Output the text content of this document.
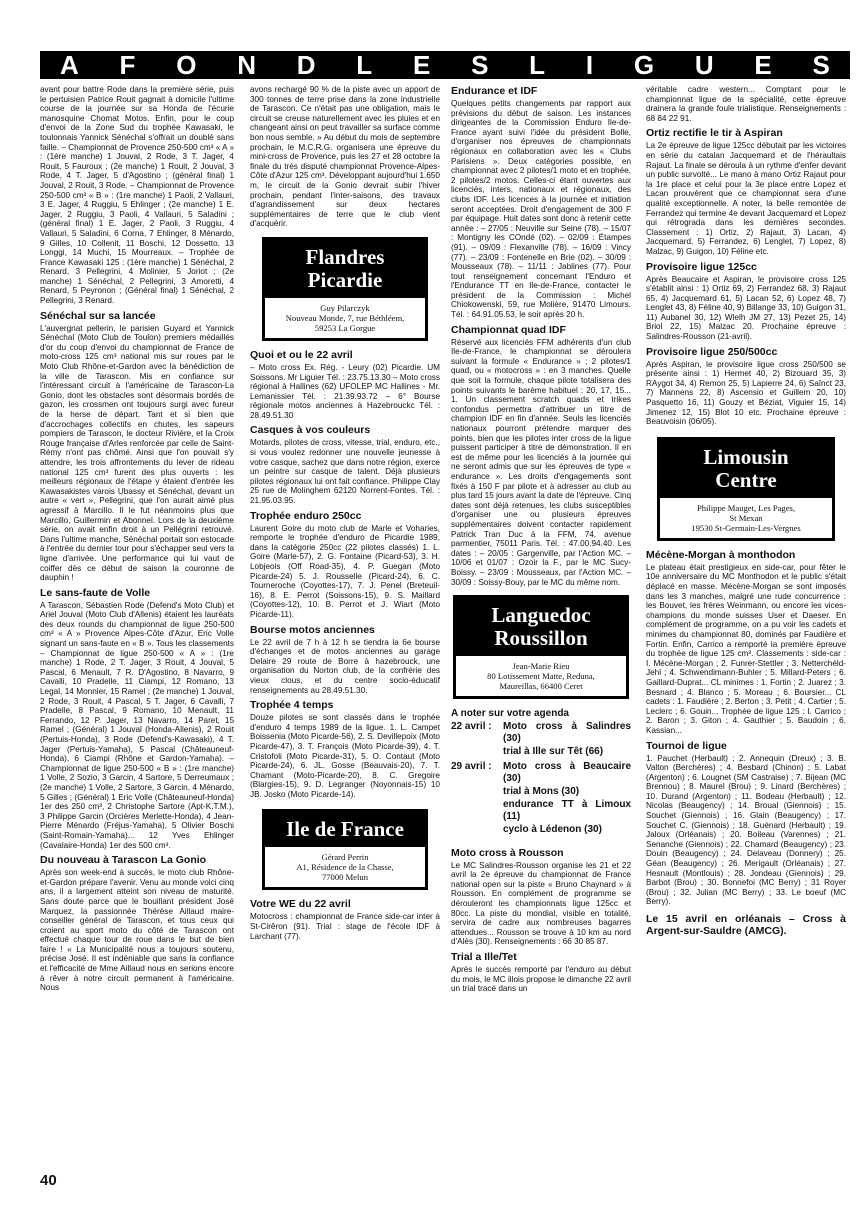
A F O N D L E S L I G U E S

avant pour battre Rode dans la première série, puis le pertuisien Patrice Rouit gagnait à domicile l'ultime course de la journée sur sa Honda de l'écurie manosquine Chomat Motos. Enfin, pour le coup d'envoi de la Zone Sud du trophée Kawasaki, le toulonnais Yannick Sénéchal s'offrait un doublé sans faille. – Championnat de Provence 250-500 cm³ « A » : (1ère manche) 1 Jouval, 2 Rode, 3 T. Jager, 4 Rouit, 5 Fauroux ; (2e manche) 1 Rouit, 2 Jouval, 3 Rode, 4 T. Jager, 5 d'Agostino ; (général final) 1 Jouval, 2 Rouit, 3 Rode. – Championnat de Provence 250-500 cm³ « B » : (1re manche) 1 Paoli, 2 Vallauri, 3 E. Jager, 4 Ruggiu, 5 Ehlinger ; (2e manche) 1 E. Jager, 2 Ruggiu, 3 Paoli, 4 Vallauri, 5 Saladini ; (général final) 1 E. Jager, 2 Paoli, 3 Ruggiu, 4 Vallauri, 5 Saladini, 6 Corna, 7 Ehlinger, 8 Ménardo, 9 Gilles, 10 Collenit, 11 Boschi, 12 Dossetto, 13 Longgi, 14 Muchi, 15 Mourreaux. – Trophée de France Kawasaki 125 : (1ère manche) 1 Sénéchal, 2 Renard, 3 Pellegrini, 4 Molinier, 5 Joriot ; (2e manche) 1 Sénéchal, 2 Pellegrini, 3 Amoretti, 4 Renard, 5 Peyronon ; (Général final) 1 Sénéchal, 2 Pellegrini, 3 Renard.

Sénéchal sur sa lancée

L'auvergnat pellerin, le parisien Guyard et Yannick Sénéchal (Moto Club de Toulon) premiers médaillés d'or du coup d'envoi du championnat de France de moto-cross 125 cm³ national mis sur roues par le Moto Club Rhône-et-Gardon avec la bénédiction de la ville de Tarascon. Mis en confiance sur l'intéressant circuit à l'américaine de Tarascon-La Gonio, dont les obstacles sont désormais bordés de gazon, les crossmen ont toujours surgi avec fureur de la herse de départ. Tant et si bien que d'accrochages collectifs en chutes, les sapeurs pompiers de Tarascon, le docteur Rivière, et la Croix Rouge française d'Arles renforcée par celle de Saint-Rémy n'ont pas chômé. Ainsi que l'on pouvait s'y attendre, les trois affrontements du lever de rideau national 125 cm³ furent des plus ouverts : les meilleurs régionaux de l'étape y étaient d'entrée les Kawasakistes varois Ubassy et Sénéchal, devant un autre « vert », Pellegrini, que l'on aurait aimé plus agressif à Marcillo. Il le fut néanmoins plus que Marcillo, Guillermin et Abonnel. Lors de la deuxième série, on avait enfin droit à un Pellégrini retrouvé. Dans l'ultime manche, Sénéchal portait son estocade à l'entrée du dernier tour pour s'échapper seul vers la ligne d'arrivée. Une performance qui lui vaut de coiffer dès ce début de saison la couronne de dauphin !

Le sans-faute de Volle

A Tarascon, Sébastien Rode (Defend's Moto Club) et Ariel Jouval (Moto Club d'Allenis) étaient les lauréats des deux rounds du championnat de ligue 250-500 cm³ « A » Provence Alpes-Côte d'Azur, Eric Volle signant un sans-faute en « B ». Tous les classements – Championnat de ligue 250-500 « A » : (1re manche) 1 Rode, 2 T. Jager, 3 Rouit, 4 Jouval, 5 Pascal, 6 Menault, 7 R. D'Agostino, 8 Navarro, 9 Cavalli, 10 Pradelle, 11 Ciampi, 12 Romano, 13 Legal, 14 Monnier, 15 Ramel ; (2e manche) 1 Jouval, 2 Rode, 3 Rouit, 4 Pascal, 5 T. Jager, 6 Cavalli, 7 Pradelle, 8 Pascal, 9 Romano, 10 Menault, 11 Ferrando, 12 P. Jager, 13 Navarro, 14 Paret, 15 Ramel ; (Général) 1 Jouval (Honda-Allenis), 2 Rouit (Pertuis-Honda), 3 Rode (Defend's-Kawasaki), 4 T. Jager (Pertuis-Yamaha), 5 Pascal (Châteauneuf-Honda), 6 Ciampi (Rhône et Gardon-Yamaha). – Championnat de ligue 250-500 « B » : (1re manche) 1 Volle, 2 Sozio, 3 Garcin, 4 Sartore, 5 Derreumaux ; (2e manche) 1 Volle, 2 Sartore, 3 Garcin, 4 Ménardo, 5 Gilles ; (Général) 1 Eric Volle (Châteauneuf-Honda) 1er des 250 cm³, 2 Christophe Sartore (Apt-K.T.M.), 3 Philippe Garcin (Orcières Merlette-Honda), 4 Jean-Pierre Ménardo (Fréjus-Yamaha), 5 Olivier Boschi (Saint-Romain-Yamaha)... 12 Yves Ehlinger (Cavalaire-Honda) 1er des 500 cm³.

Du nouveau à Tarascon La Gonio

Après son week-end à succès, le moto club Rhône-et-Gardon prépare l'avenir. Venu au monde voici cinq ans, il a largement atteint son niveau de maturité. Sans doute parce que le bouillant président José Marquez, la passionnée Thérèse Aillaud maire-conseiller général de Tarascon, et tous ceux qui croient au sport moto du côté de Tarascon ont effectué chaque tour de roue dans le but de bien faire ! « La Municipalité nous a toujours soutenu, précise José. Il est indéniable que sans la confiance et l'efficacité de Mme Aillaud nous en serions encore à rêver à notre circuit permanent à l'américaine. Nous

avons rechargé 90 % de la piste avec un apport de 300 tonnes de terre prise dans la zone industrielle de Tarascon. Ce n'était pas une obligation, mais le circuit se creuse naturellement avec les pluies et en changeant ainsi on peut travailler sa surface comme bon nous semble. » Au début du mois de septembre prochain, le M.C.R.G. organisera une épreuve du mini-cross de Provence, puis les 27 et 28 octobre la finale du très disputé championnat Provence-Alpes-Côte d'Azur 125 cm³. Développant aujourd'hui 1.650 m, le circuit de la Gonio devrait subir l'hiver prochain, pendant l'inter-saisons, des travaux d'agrandissement sur deux hectares supplémentaires de terre que le club vient d'acquérir.

Flandres
Picardie
Guy Pilarczyk
Nouveau Monde, 7, rue Béthléem,
59253 La Gorgue
Quoi et ou le 22 avril

– Moto cross Ex. Rég. - Leury (02) Picardie. UM Soissons. Mr Liguier Tél. : 23.75.13.30 – Moto cross régional à Hallines (62) UFOLEP MC Hallines - Mr. Lemanissier Tél. : 21.39.93.72 – 6° Bourse régionale motos anciennes à Hazebrouckc Tél. : 28.49.51.30

Casques à vos couleurs

Motards, pilotes de cross, vitesse, trial, enduro, etc., si vous voulez redonner une nouvelle jeunesse à votre casque, sachez que dans notre région, exerce un peintre sur casque de talent. Déjà plusieurs pilotes régionaux lui ont fait confiance. Philippe Clay 25 rue de Molinghem 62120 Norrent-Fontes. Tél. : 21.95.03.95.

Trophée enduro 250cc

Laurent Goire du moto club de Marle et Voharies, remporte le trophée d'enduro de Picardie 1989, dans la catégorie 250cc (22 pilotes classés) 1. L. Goire (Marle-57), 2. G. Fontaine (Picard-53), 3. H. Lobjeois (Off Road-35), 4. P. Guegan (Moto Picarde-24) 5. J. Rousselle (Picard-24), 6. C. Tourneroche (Coyottes-17), 7. J. Penel (Breteuil-16), 8. E. Perrot (Soissons-15), 9. S. Maillard (Coyottes-12), 10. B. Perrot et J. Wiart (Moto Picarde-11).

Bourse motos anciennes

Le 22 avril de 7 h à 12 h se tiendra la 6e bourse d'échanges et de motos anciennes au garage Delaire 29 route de Borre à hazebrouck, une organisation du Norton club, de la confrérie des vieux clous, et du centre socio-éducatif renseignements au 28.49.51.30.

Trophée 4 temps

Douze pilotes se sont classés dans le trophée d'enduro 4 temps 1989 de la ligue. 1. L. Campet Boissenia (Moto Picarde-56), 2. S. Devillepoix (Moto Picarde-47), 3. T. François (Moto Picarde-39), 4. T. Cristofoli (Moto Picarde-31), 5. O. Contaut (Moto Picarde-24), 6. JL. Gosse (Beauvais-20), 7. T. Chamant (Moto-Picarde-20), 8. C. Gregoire (Blargies-15), 9. D. Legranger (Noyonnais-15) 10 JB. Josko (Moto Picarde-14).

Ile de France
Gérard Perrin
A1, Résidence de la Chasse,
77000 Melun
Votre WE du 22 avril

Motocross : championnat de France side-car inter à St-Cirêron (91). Trial : stage de l'école IDF à Larchant (77).

Endurance et IDF

Quelques petits changements par rapport aux prévisions du début de saison. Les instances dirigeantes de la Commission Enduro Ile-de-France ayant suivi l'idée du président Bolle, d'organiser nos épreuves de championnats régionaux en collaboration avec les « Clubs Parisiens ». Deux catégories possible, en championnat avec 2 pilotes/1 moto et en trophée, 2 pilotes/2 motos. Celles-ci étant ouvertes aux licenciés, inters, nationaux et régionaux, des clubs IDF. Les licences à la journée et initiation seront acceptées. Droit d'engagement de 300 F par équipage. Huit dates sont donc à retenir cette année : – 27/05 : Neuville sur Seine (78). – 15/07 : Montigny les COndé (02). – 02/09 : Étampes (91). – 09/09 : Flexanville (78). – 16/09 : Vincy (77). – 23/09 : Fontenelle en Brie (02). – 30/09 : Mousseaux (78). – 11/11 : Jablines (77). Pour tout renseignement concernant l'Enduro et l'Endurance TT en Ile-de-France, contacter le président de la Commission : Michel Chiokowenski, 59, rue Molière, 91470 Limours. Tél. : 64.91.05.53, le soir après 20 h.

Championnat quad IDF

Réservé aux licenciés FFM adhérents d'un club Ile-de-France, le championnat se déroulera suivant la formule « Endurance » ; 2 pilotes/1 quad, ou « motocross » : en 3 manches. Quelle que soit la formule, chaque pilote totalisera des points suivants le barème habituel : 20, 17, 15... 1. Un classement scratch quads et trikes confondus permettra d'attribuer un titre de champion IDF en fin d'année. Seuls les licenciés nationaux pourront prétendre marquer des points, bien que les pilotes inter cross de la ligue puissent participer à titre de démonstration. Il en est de même pour les licenciés à la journée qui ne seront admis que sur les épreuves de type « endurance ». Les droits d'engagements sont fixés à 150 F par pilote et à adresser au club au plus tard 15 jours avant la date de l'épreuve. Cinq dates sont déjà retenues, les clubs susceptibles d'organiser une ou plusieurs épreuves supplémentaires doivent contacter rapidement Patrick Tran Duc à la FFM, 74, avenue parmentier, 75011 Paris. Tél. : 47.00.94.40. Les dates : – 20/05 : Gargenville, par l'Action MC. – 10/06 et 01/07 : Ozoir la F., par le MC Sucy-Boissy. – 23/09 : Mousseaux, par l'Action MC. – 30/09 : Soissy-Bouy, par le MC du même nom.

Languedoc
Roussillon
Jean-Marie Rieu
80 Lotissement Matte, Reduna,
Maureillas, 66400 Ceret
A noter sur votre agenda
22 avril :	Moto cross à Salindres (30)
trial à Ille sur Têt (66)
29 avril :	Moto cross à Beaucaire (30)
trial à Mons (30)
endurance TT à Limoux (11)
cyclo à Lédenon (30)
Moto cross à Rousson

Le MC Salindres-Rousson organise les 21 et 22 avril la 2e épreuve du championnat de France national open sur la piste « Bruno Chaynard » à Rousson. En complément de programme se dérouleront les championnats ligue 125cc et 80cc. La piste du mondial, visible en totalité, servira de cadre aux nombreuses bagarres attendues... Rousson se trouve à 10 km au nord d'Alès (30). Renseignements : 66 30 85 87.

Trial a Ille/Tet

Après le succès remporté par l'enduro au début du mois, le MC illois propose le dimanche 22 avril un trial tracé dans un

véritable cadre western... Comptant pour le championnat ligue de la spécialité, cette épreuve drainera la grande foule trialistique. Renseignements : 68 84 22 91.

Ortiz rectifie le tir à Aspiran

La 2e épreuve de ligue 125cc débutait par les victoires en série du catalan Jacquemard et de l'héraultais Rajaut. La finale se déroula à un rythme d'enfer devant un public survolté... Le mano à mano Ortiz Rajaut pour la 1re place et celui pour la 3e place entre Lopez et Lacan prouvèrent que ce championnat sera d'une qualité exceptionnelle. A noter, la belle remontée de Ferrandez qui termine 4e devant Jacquemard et Lopez qui rétrograda dans les dernières secondes. Classement : 1) Ortiz, 2) Rajaut, 3) Lacan, 4) Jacquemard, 5) Ferrandez, 6) Lenglet, 7) Lopez, 8) Malzac, 9) Guigon, 10) Féline etc.

Provisoire ligue 125cc

Après Beaucaire et Aspiran, le provisoire cross 125 s'établit ainsi : 1) Ortiz 69, 2) Ferrandez 68, 3) Rajaut 65, 4) Jacquemard 61, 5) Lacan 52, 6) Lopez 48, 7) Lenglet 43, 8) Féline 40, 9) Billange 33, 10) Guigon 31, 11) Aubanel 30, 12) Wlelh JM 27, 13) Pezet 25, 14) Briol 22, 15) Malzac 20. Prochaine épreuve : Salindres-Rousson (21-avril).

Provisoire ligue 250/500cc

Après Aspiran, le provisoire ligue cross 250/500 se présente ainsi : 1) Hermet 40, 2) Bizouard 35, 3) RAygot 34, 4) Remon 25, 5) Lapierre 24, 6) Saînct 23, 7) Mannens 22, 8) Ascensio et Guillem 20, 10) Pasquetto 16, 11) Gouzy et Béziat, Viguier 15, 14) Jimenez 12, 15) Blot 10 etc. Prochaine épreuve : Beauvoisin (06/05).

Limousin
Centre
Philippe Mauget, Les Pages,
St Mexan
19530 St-Germain-Les-Vergnes
Mécène-Morgan à monthodon

Le plateau était prestigieux en side-car, pour fêter le 10e anniversaire du MC Monthodon et le public s'était déplacé en masse. Mécène-Morgan se sont imposés dans les 3 manches, malgré une rude concurrence : les Bouvet, les frères Weinmann, ou encore les vices-champions du monde suisses User et Daeser. En complément de programme, on a pu voir les cadets et minimes du championnat 80, dominés par Faudière et Fortin. Enfin, Carrico a remporté la première épreuve du trophée de ligue 125 cm³. Classements : side-car : I. Mécène-Morgan ; 2. Funrer-Stettler ; 3. Netterchéld-Jehl ; 4. Schwendimann-Buhler ; 5. Millard-Peters ; 6. Gaillard-Duprat... CL minimes : 1. Fortin ; 2. Juarez ; 3. Besnard ; 4. Blanco ; 5. Moreau ; 6. Boursier... CL cadets : 1. Faudière ; 2. Berton ; 3. Petit ; 4. Cartier ; 5. Leclerc ; 6. Gouin... Trophée de ligue 125 : I. Carrico ; 2. Baron ; 3. Giton ; 4. Gauthier ; 5. Baudoin ; 6. Kassian...

Tournoi de ligue

1. Pauchet (Herbault) ; 2. Annequin (Dreux) ; 3. B. Valton (Berchères) ; 4. Besbard (Chinon) ; 5. Labat (Argenton) ; 6. Lougnet (SM Castraise) ; 7. Bijean (MC Brennou) ; 8. Maurel (Brou) ; 9. Linard (Berchères) ; 10. Durand (Argenton) ; 11. Bodeau (Herbault) ; 12. Nicolas (Beaugency) ; 14. Broual (Giennois) ; 15. Souchet (Giennois) ; 16. Glain (Beaugency) ; 17. Souchet C. (Giennois) ; 18. Guénard (Herbault) ; 19. Jaloux (Orléanais) ; 20. Boileau (Varennes) ; 21. Senanche (Giennois) ; 22. Chamard (Beaugency) ; 23. Douin (Beaugency) ; 24. Delaveau (Donnery) ; 25. Géan (Beaugency) ; 26. Merigault (Orléanais) ; 27. Hesnault (Montlouis) ; 28. Jondeau (Giennois) ; 29. Barbot (Brou) ; 30. Bonnefoi (MC Berry) ; 31 Royer (Brou) ; 32. Julian (MC Berry) ; 33. Le boeuf (MC Berry).

Le 15 avril en orléanais – Cross à Argent-sur-Sauldre (AMCG).
40
